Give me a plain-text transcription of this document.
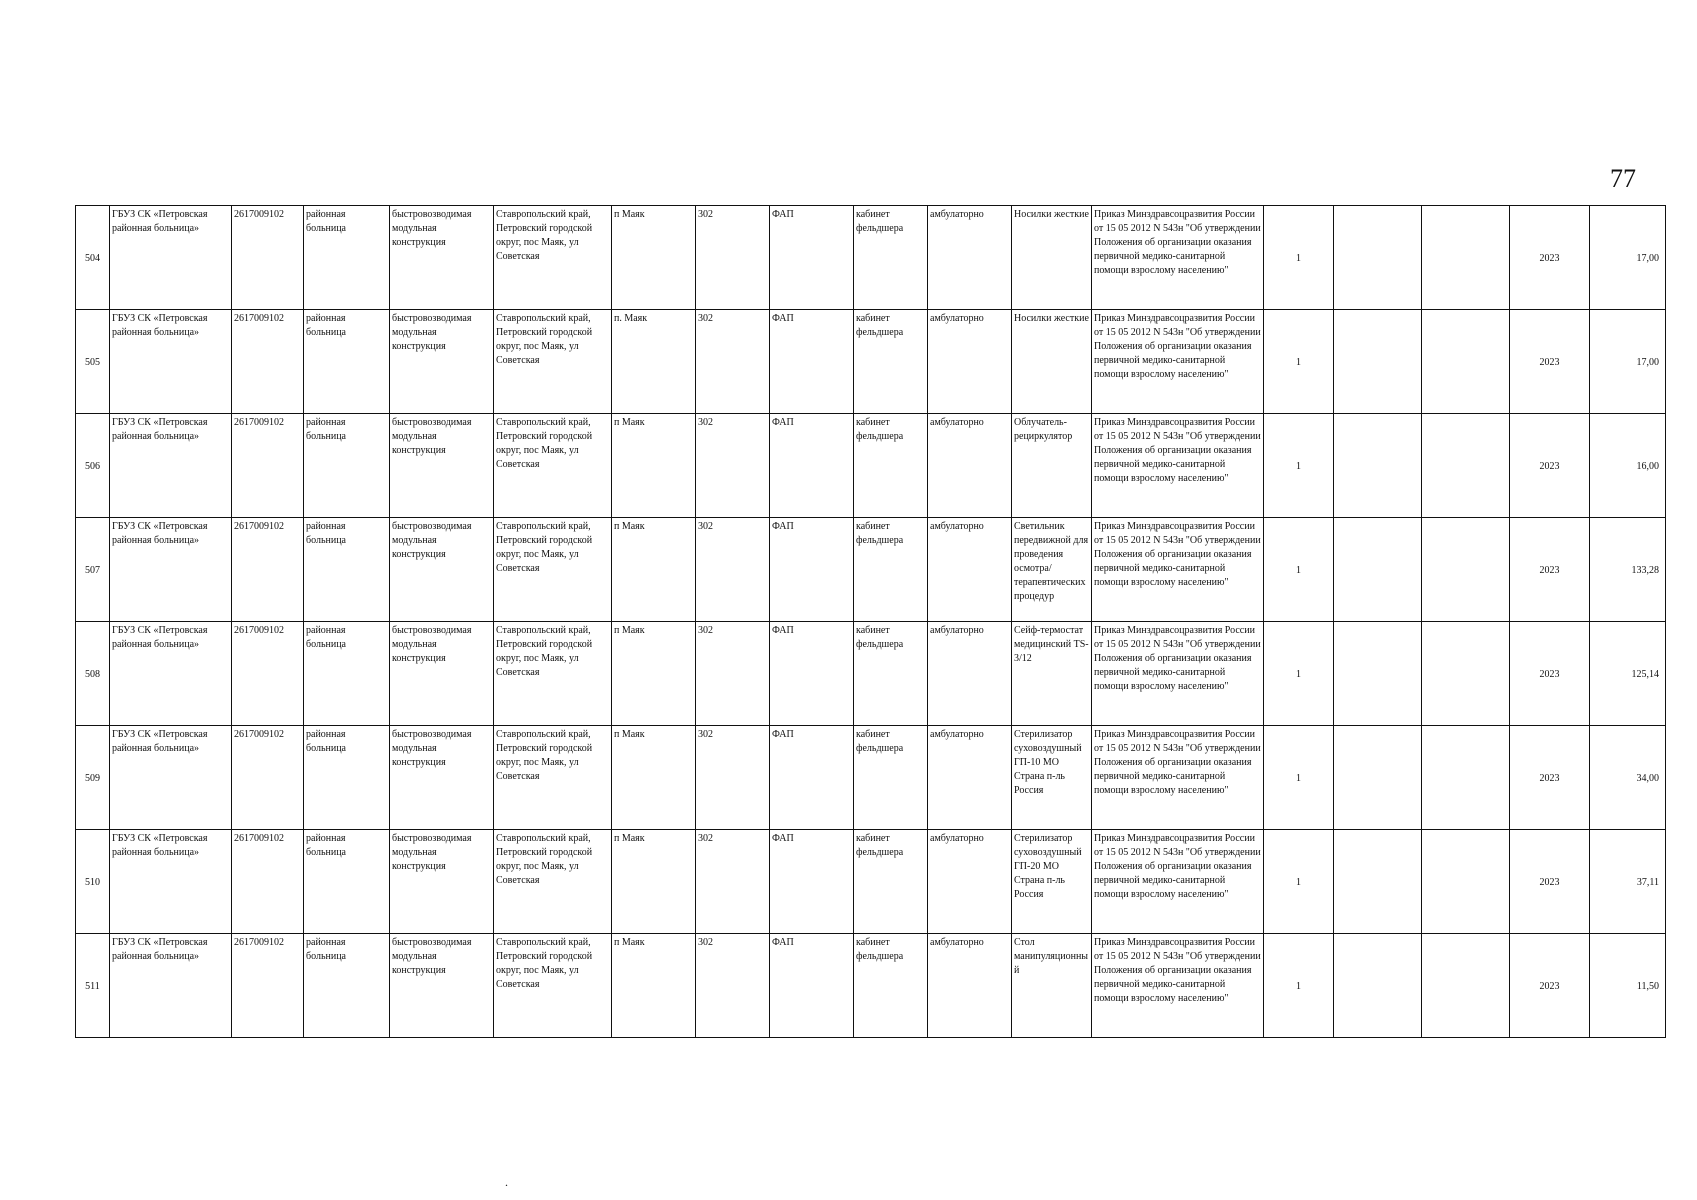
77
504	ГБУЗ СК «Петровская районная больница»	2617009102	районная больница	быстровозводимая модульная конструкция	Ставропольский край, Петровский городской округ, пос Маяк, ул Советская	п Маяк	302	ФАП	кабинет фельдшера	амбулаторно	Носилки жесткие	Приказ Минздравсоцразвития России от 15 05 2012 N 543н "Об утверждении Положения об организации оказания первичной медико-санитарной помощи взрослому населению"	1			2023	17,00
505	ГБУЗ СК «Петровская районная больница»	2617009102	районная больница	быстровозводимая модульная конструкция	Ставропольский край, Петровский городской округ, пос Маяк, ул Советская	п. Маяк	302	ФАП	кабинет фельдшера	амбулаторно	Носилки жесткие	Приказ Минздравсоцразвития России от 15 05 2012 N 543н "Об утверждении Положения об организации оказания первичной медико-санитарной помощи взрослому населению"	1			2023	17,00
506	ГБУЗ СК «Петровская районная больница»	2617009102	районная больница	быстровозводимая модульная конструкция	Ставропольский край, Петровский городской округ, пос Маяк, ул Советская	п Маяк	302	ФАП	кабинет фельдшера	амбулаторно	Облучатель-рециркулятор	Приказ Минздравсоцразвития России от 15 05 2012 N 543н "Об утверждении Положения об организации оказания первичной медико-санитарной помощи взрослому населению"	1			2023	16,00
507	ГБУЗ СК «Петровская районная больница»	2617009102	районная больница	быстровозводимая модульная конструкция	Ставропольский край, Петровский городской округ, пос Маяк, ул Советская	п Маяк	302	ФАП	кабинет фельдшера	амбулаторно	Светильник передвижной для проведения осмотра/терапевтических процедур	Приказ Минздравсоцразвития России от 15 05 2012 N 543н "Об утверждении Положения об организации оказания первичной медико-санитарной помощи взрослому населению"	1			2023	133,28
508	ГБУЗ СК «Петровская районная больница»	2617009102	районная больница	быстровозводимая модульная конструкция	Ставропольский край, Петровский городской округ, пос Маяк, ул Советская	п Маяк	302	ФАП	кабинет фельдшера	амбулаторно	Сейф-термостат медицинский TS-3/12	Приказ Минздравсоцразвития России от 15 05 2012 N 543н "Об утверждении Положения об организации оказания первичной медико-санитарной помощи взрослому населению"	1			2023	125,14
509	ГБУЗ СК «Петровская районная больница»	2617009102	районная больница	быстровозводимая модульная конструкция	Ставропольский край, Петровский городской округ, пос Маяк, ул Советская	п Маяк	302	ФАП	кабинет фельдшера	амбулаторно	Стерилизатор суховоздушный ГП-10 МО Страна п-ль Россия	Приказ Минздравсоцразвития России от 15 05 2012 N 543н "Об утверждении Положения об организации оказания первичной медико-санитарной помощи взрослому населению"	1			2023	34,00
510	ГБУЗ СК «Петровская районная больница»	2617009102	районная больница	быстровозводимая модульная конструкция	Ставропольский край, Петровский городской округ, пос Маяк, ул Советская	п Маяк	302	ФАП	кабинет фельдшера	амбулаторно	Стерилизатор суховоздушный ГП-20 МО Страна п-ль Россия	Приказ Минздравсоцразвития России от 15 05 2012 N 543н "Об утверждении Положения об организации оказания первичной медико-санитарной помощи взрослому населению"	1			2023	37,11
511	ГБУЗ СК «Петровская районная больница»	2617009102	районная больница	быстровозводимая модульная конструкция	Ставропольский край, Петровский городской округ, пос Маяк, ул Советская	п Маяк	302	ФАП	кабинет фельдшера	амбулаторно	Стол манипуляционный	Приказ Минздравсоцразвития России от 15 05 2012 N 543н "Об утверждении Положения об организации оказания первичной медико-санитарной помощи взрослому населению"	1			2023	11,50
.
